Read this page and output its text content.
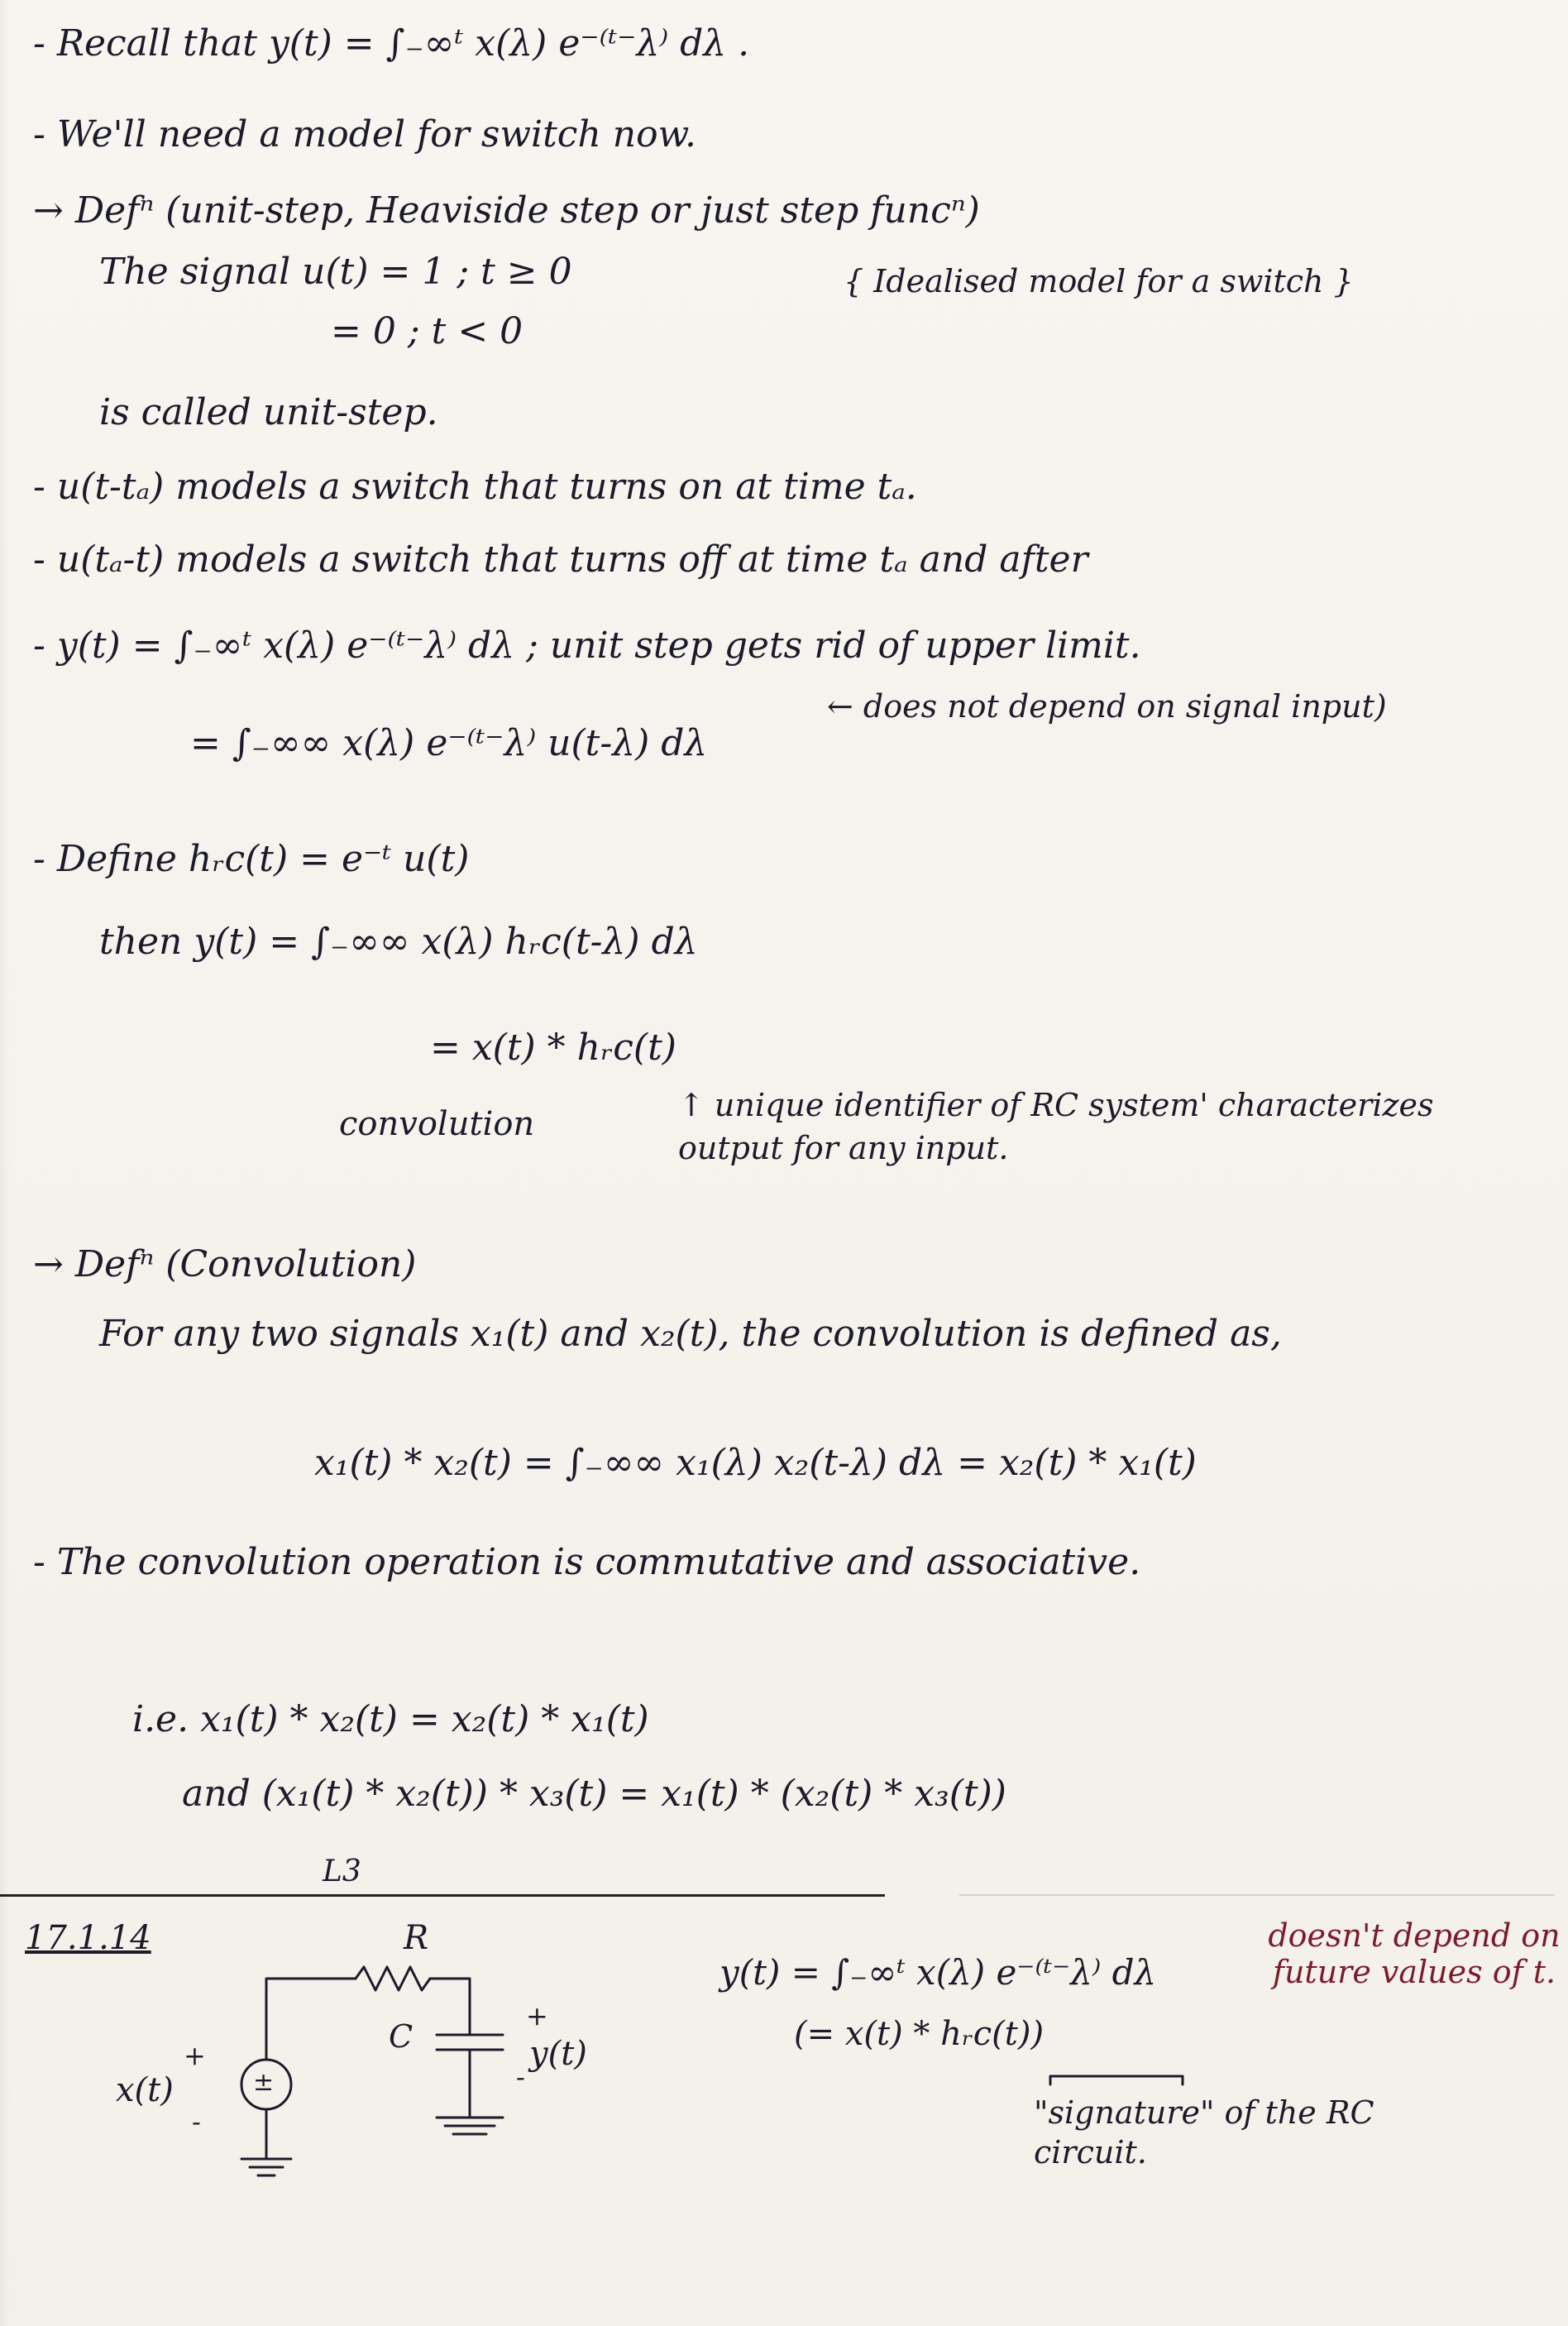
- Recall that y(t) = ∫₋∞ᵗ x(λ) e⁻⁽ᵗ⁻λ⁾ dλ .
- We'll need a model for switch now.
→ Defⁿ (unit-step, Heaviside step or just step funcⁿ)
The signal u(t) = 1 ; t ≥ 0
= 0 ; t < 0
{ Idealised model for a switch }
is called unit-step.
- u(t-tₐ) models a switch that turns on at time tₐ.
- u(tₐ-t) models a switch that turns off at time tₐ and after
- y(t) = ∫₋∞ᵗ x(λ) e⁻⁽ᵗ⁻λ⁾ dλ ; unit step gets rid of upper limit.
= ∫₋∞∞ x(λ) e⁻⁽ᵗ⁻λ⁾ u(t-λ) dλ
← does not depend on signal input)
- Define hᵣc(t) = e⁻ᵗ u(t)
then y(t) = ∫₋∞∞ x(λ) hᵣc(t-λ) dλ
= x(t) * hᵣc(t)
convolution	↑ unique identifier of RC system' characterizes output for any input.
→ Defⁿ (Convolution)
For any two signals x₁(t) and x₂(t), the convolution is defined as,
x₁(t) * x₂(t) = ∫₋∞∞ x₁(λ) x₂(t-λ) dλ = x₂(t) * x₁(t)
- The convolution operation is commutative and associative.
i.e. x₁(t) * x₂(t) = x₂(t) * x₁(t)
and (x₁(t) * x₂(t)) * x₃(t) = x₁(t) * (x₂(t) * x₃(t))
L3
17.1.14	R
C
±
y(t)
+
-
x(t)
+
-
y(t) = ∫₋∞ᵗ x(λ) e⁻⁽ᵗ⁻λ⁾ dλ
doesn't depend on future values of t.
(= x(t) * hᵣc(t))
"signature" of the RC circuit.
